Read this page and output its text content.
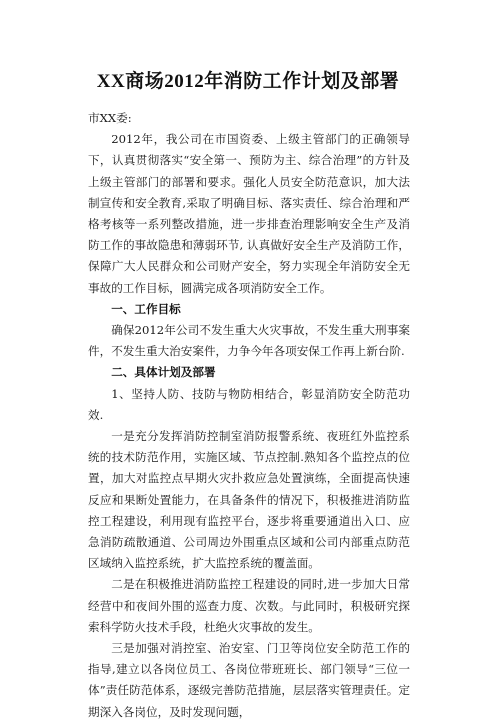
XX商场2012年消防工作计划及部署

市XX委:

2012年，我公司在市国资委、上级主管部门的正确领导下，认真贯彻落实“安全第一、预防为主、综合治理”的方针及上级主管部门的部署和要求。强化人员安全防范意识，加大法制宣传和安全教育,采取了明确目标、落实责任、综合治理和严格考核等一系列整改措施，进一步排查治理影响安全生产及消防工作的事故隐患和薄弱环节, 认真做好安全生产及消防工作，保障广大人民群众和公司财产安全，努力实现全年消防安全无事故的工作目标，圆满完成各项消防安全工作。

一、工作目标

确保2012年公司不发生重大火灾事故，不发生重大刑事案件，不发生重大治安案件，力争今年各项安保工作再上新台阶.

二、具体计划及部署

1、坚持人防、技防与物防相结合，彰显消防安全防范功效.

一是充分发挥消防控制室消防报警系统、夜班红外监控系统的技术防范作用，实施区域、节点控制.熟知各个监控点的位置，加大对监控点早期火灾扑救应急处置演练，全面提高快速反应和果断处置能力，在具备条件的情况下，积极推进消防监控工程建设，利用现有监控平台，逐步将重要通道出入口、应急消防疏散通道、公司周边外围重点区域和公司内部重点防范区域纳入监控系统，扩大监控系统的覆盖面。

二是在积极推进消防监控工程建设的同时,进一步加大日常经营中和夜间外围的巡查力度、次数。与此同时，积极研究探索科学防火技术手段，杜绝火灾事故的发生。

三是加强对消控室、治安室、门卫等岗位安全防范工作的指导,建立以各岗位员工、各岗位带班班长、部门领导“三位一体”责任防范体系，逐级完善防范措施，层层落实管理责任。定期深入各岗位，及时发现问题，
